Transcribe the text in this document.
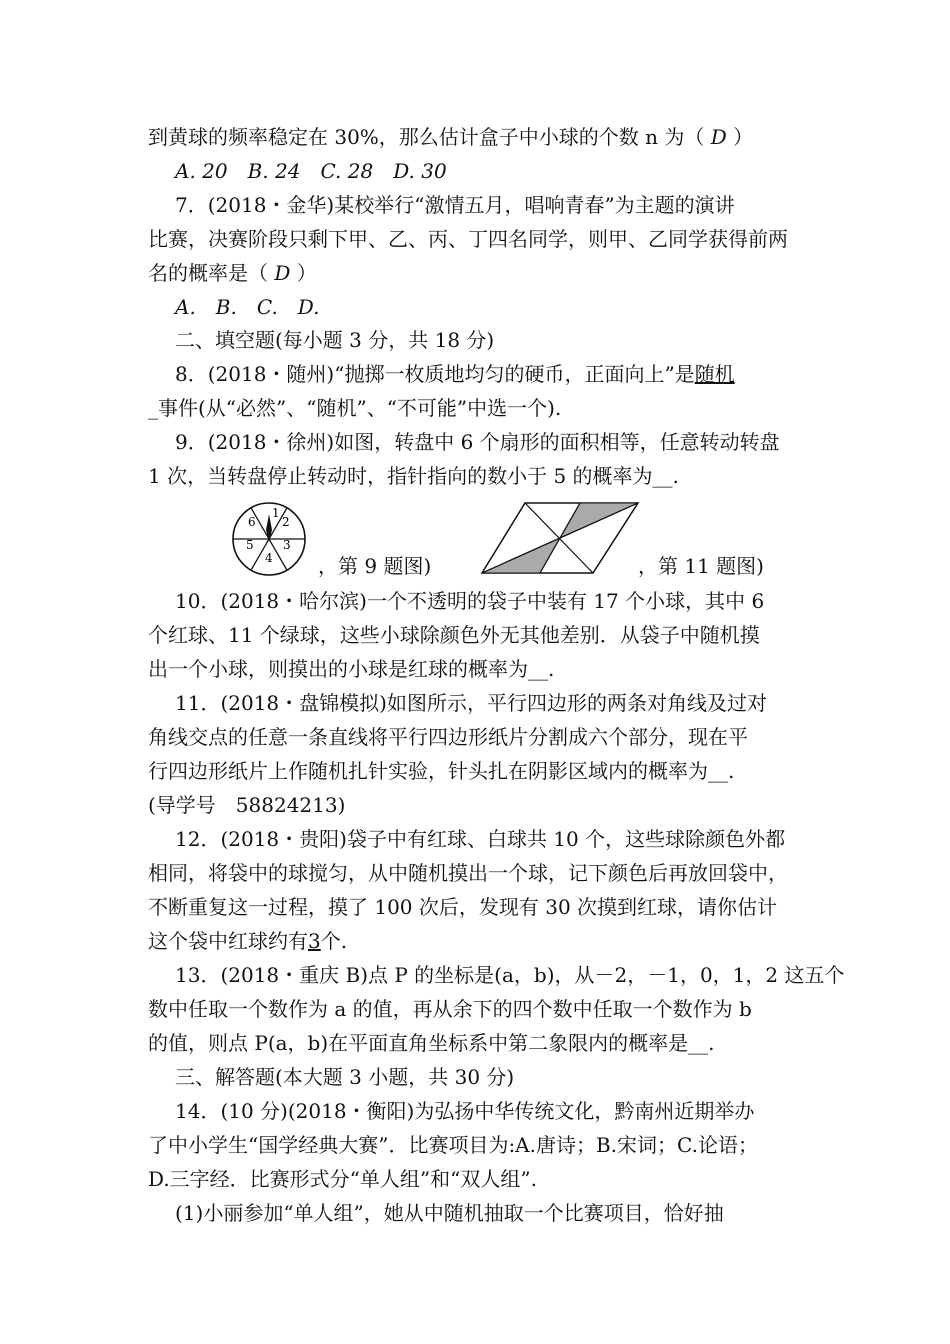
到黄球的频率稳定在 30%，那么估计盒子中小球的个数 n 为（ D ）
A. 20　B. 24　C. 28　D. 30
7．(2018・金华)某校举行“激情五月，唱响青春”为主题的演讲
比赛，决赛阶段只剩下甲、乙、丙、丁四名同学，则甲、乙同学获得前两
名的概率是（ D ）
A.　B.　C.　D.
二、填空题(每小题 3 分，共 18 分)
8．(2018・随州)“抛掷一枚质地均匀的硬币，正面向上”是随机
_事件(从“必然”、“随机”、“不可能”中选一个).
9．(2018・徐州)如图，转盘中 6 个扇形的面积相等，任意转动转盘
1 次，当转盘停止转动时，指针指向的数小于 5 的概率为__.
1
2
3
4
5
6
，第 9 题图)	，第 11 题图)
10．(2018・哈尔滨)一个不透明的袋子中装有 17 个小球，其中 6
个红球、11 个绿球，这些小球除颜色外无其他差别．从袋子中随机摸
出一个小球，则摸出的小球是红球的概率为__.
11．(2018・盘锦模拟)如图所示，平行四边形的两条对角线及过对
角线交点的任意一条直线将平行四边形纸片分割成六个部分，现在平
行四边形纸片上作随机扎针实验，针头扎在阴影区域内的概率为__.
(导学号　58824213)
12．(2018・贵阳)袋子中有红球、白球共 10 个，这些球除颜色外都
相同，将袋中的球搅匀，从中随机摸出一个球，记下颜色后再放回袋中，
不断重复这一过程，摸了 100 次后，发现有 30 次摸到红球，请你估计
这个袋中红球约有3个.
13．(2018・重庆 B)点 P 的坐标是(a，b)，从－2，－1，0，1，2 这五个
数中任取一个数作为 a 的值，再从余下的四个数中任取一个数作为 b
的值，则点 P(a，b)在平面直角坐标系中第二象限内的概率是__.
三、解答题(本大题 3 小题，共 30 分)
14．(10 分)(2018・衡阳)为弘扬中华传统文化，黔南州近期举办
了中小学生“国学经典大赛”．比赛项目为:A.唐诗；B.宋词；C.论语；
D.三字经．比赛形式分“单人组”和“双人组”.
(1)小丽参加“单人组”，她从中随机抽取一个比赛项目，恰好抽
